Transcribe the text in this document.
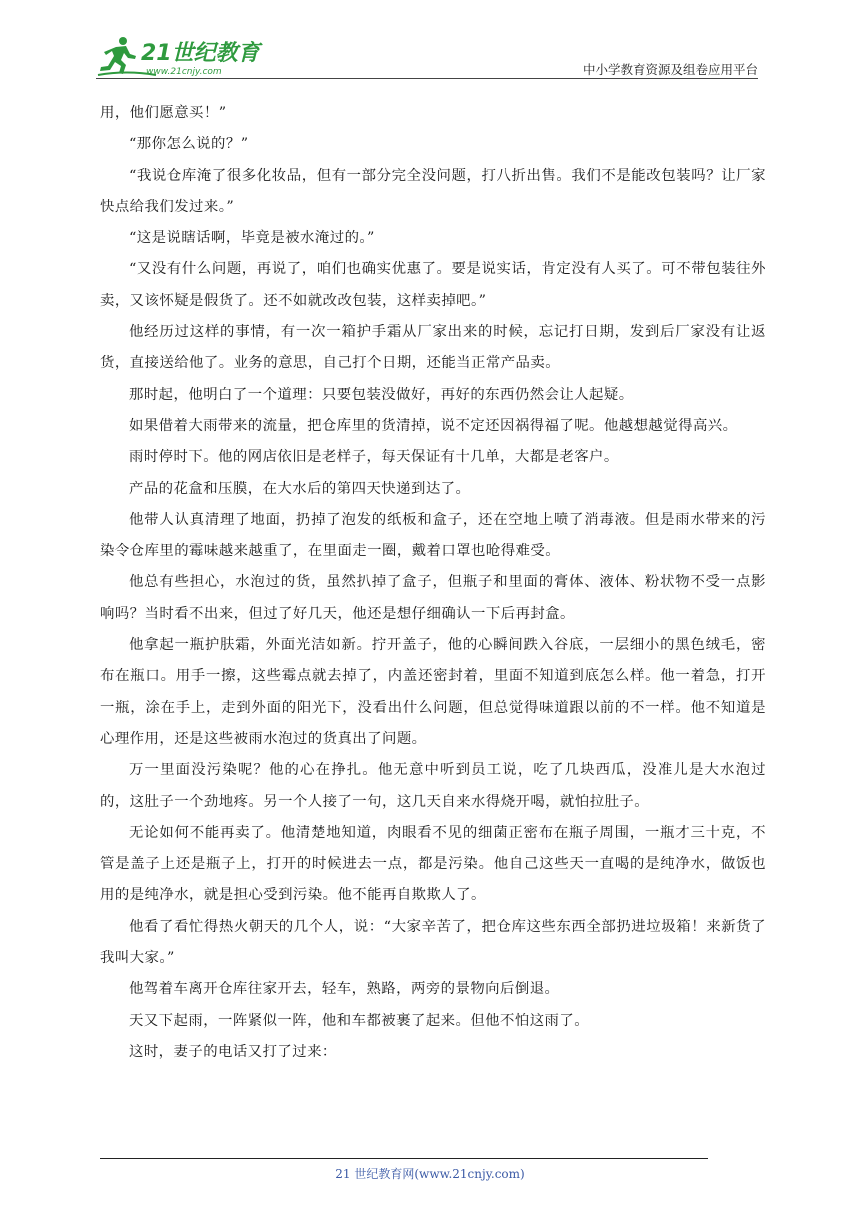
21世纪教育
www.21cnjy.com	中小学教育资源及组卷应用平台

用，他们愿意买！”

“那你怎么说的？”

“我说仓库淹了很多化妆品，但有一部分完全没问题，打八折出售。我们不是能改包装吗？让厂家快点给我们发过来。”

“这是说瞎话啊，毕竟是被水淹过的。”

“又没有什么问题，再说了，咱们也确实优惠了。要是说实话，肯定没有人买了。可不带包装往外卖，又该怀疑是假货了。还不如就改改包装，这样卖掉吧。”

他经历过这样的事情，有一次一箱护手霜从厂家出来的时候，忘记打日期，发到后厂家没有让返货，直接送给他了。业务的意思，自己打个日期，还能当正常产品卖。

那时起，他明白了一个道理：只要包装没做好，再好的东西仍然会让人起疑。

如果借着大雨带来的流量，把仓库里的货清掉，说不定还因祸得福了呢。他越想越觉得高兴。

雨时停时下。他的网店依旧是老样子，每天保证有十几单，大都是老客户。

产品的花盒和压膜，在大水后的第四天快递到达了。

他带人认真清理了地面，扔掉了泡发的纸板和盒子，还在空地上喷了消毒液。但是雨水带来的污染令仓库里的霉味越来越重了，在里面走一圈，戴着口罩也呛得难受。

他总有些担心，水泡过的货，虽然扒掉了盒子，但瓶子和里面的膏体、液体、粉状物不受一点影响吗？当时看不出来，但过了好几天，他还是想仔细确认一下后再封盒。

他拿起一瓶护肤霜，外面光洁如新。拧开盖子，他的心瞬间跌入谷底，一层细小的黑色绒毛，密布在瓶口。用手一擦，这些霉点就去掉了，内盖还密封着，里面不知道到底怎么样。他一着急，打开一瓶，涂在手上，走到外面的阳光下，没看出什么问题，但总觉得味道跟以前的不一样。他不知道是心理作用，还是这些被雨水泡过的货真出了问题。

万一里面没污染呢？他的心在挣扎。他无意中听到员工说，吃了几块西瓜，没准儿是大水泡过的，这肚子一个劲地疼。另一个人接了一句，这几天自来水得烧开喝，就怕拉肚子。

无论如何不能再卖了。他清楚地知道，肉眼看不见的细菌正密布在瓶子周围，一瓶才三十克，不管是盖子上还是瓶子上，打开的时候进去一点，都是污染。他自己这些天一直喝的是纯净水，做饭也用的是纯净水，就是担心受到污染。他不能再自欺欺人了。

他看了看忙得热火朝天的几个人，说：“大家辛苦了，把仓库这些东西全部扔进垃圾箱！来新货了我叫大家。”

他驾着车离开仓库往家开去，轻车，熟路，两旁的景物向后倒退。

天又下起雨，一阵紧似一阵，他和车都被裹了起来。但他不怕这雨了。

这时，妻子的电话又打了过来：

21 世纪教育网(www.21cnjy.com)
